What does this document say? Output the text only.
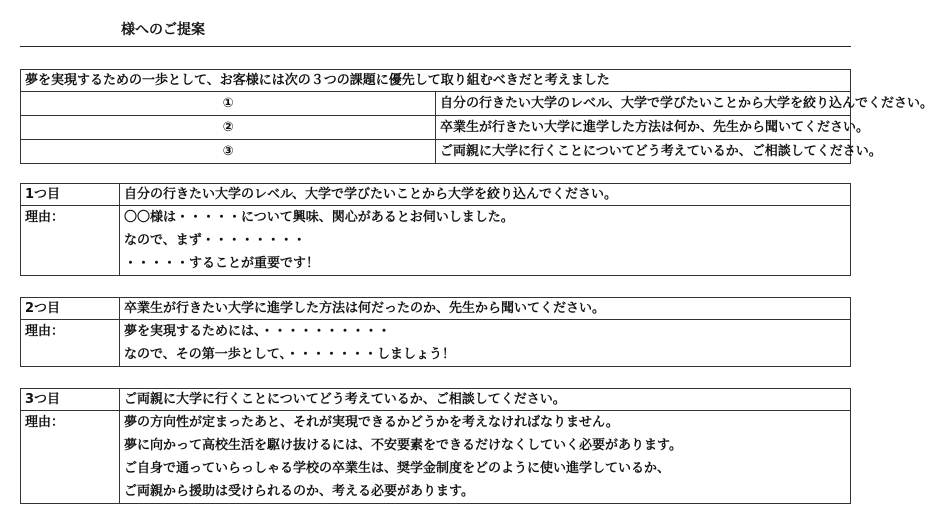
様へのご提案
夢を実現するための一歩として、お客様には次の３つの課題に優先して取り組むべきだと考えました	
①	自分の行きたい大学のレベル、大学で学びたいことから大学を絞り込んでください。
②	卒業生が行きたい大学に進学した方法は何か、先生から聞いてください。
③	ご両親に大学に行くことについてどう考えているか、ご相談してください。
1つ目	自分の行きたい大学のレベル、大学で学びたいことから大学を絞り込んでください。
理由：	〇〇様は・・・・・について興味、関心があるとお伺いしました。
なので、まず・・・・・・・・
・・・・・することが重要です！
2つ目	卒業生が行きたい大学に進学した方法は何だったのか、先生から聞いてください。
理由：	夢を実現するためには、・・・・・・・・・・
なので、その第一歩として、・・・・・・・しましょう！
3つ目	ご両親に大学に行くことについてどう考えているか、ご相談してください。
理由：	夢の方向性が定まったあと、それが実現できるかどうかを考えなければなりません。
夢に向かって高校生活を駆け抜けるには、不安要素をできるだけなくしていく必要があります。
ご自身で通っていらっしゃる学校の卒業生は、奨学金制度をどのように使い進学しているか、
ご両親から援助は受けられるのか、考える必要があります。
